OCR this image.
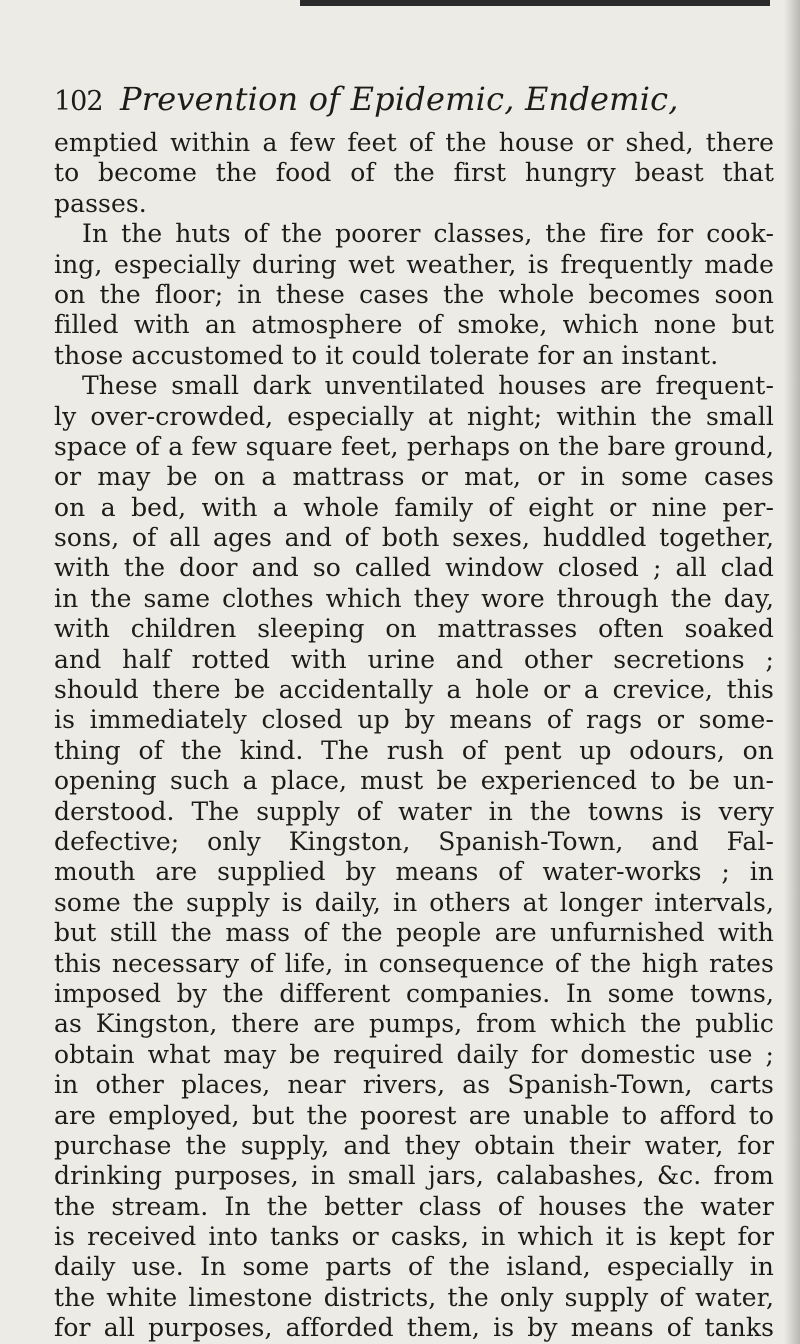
102 Prevention of Epidemic, Endemic,
emptied within a few feet of the house or shed, there
to become the food of the first hungry beast that
passes.
In the huts of the poorer classes, the fire for cook-
ing, especially during wet weather, is frequently made
on the floor; in these cases the whole becomes soon
filled with an atmosphere of smoke, which none but
those accustomed to it could tolerate for an instant.
These small dark unventilated houses are frequent-
ly over-crowded, especially at night; within the small
space of a few square feet, perhaps on the bare ground,
or may be on a mattrass or mat, or in some cases
on a bed, with a whole family of eight or nine per-
sons, of all ages and of both sexes, huddled together,
with the door and so called window closed ; all clad
in the same clothes which they wore through the day,
with children sleeping on mattrasses often soaked
and half rotted with urine and other secretions ;
should there be accidentally a hole or a crevice, this
is immediately closed up by means of rags or some-
thing of the kind. The rush of pent up odours, on
opening such a place, must be experienced to be un-
derstood. The supply of water in the towns is very
defective; only Kingston, Spanish-Town, and Fal-
mouth are supplied by means of water-works ; in
some the supply is daily, in others at longer intervals,
but still the mass of the people are unfurnished with
this necessary of life, in consequence of the high rates
imposed by the different companies. In some towns,
as Kingston, there are pumps, from which the public
obtain what may be required daily for domestic use ;
in other places, near rivers, as Spanish-Town, carts
are employed, but the poorest are unable to afford to
purchase the supply, and they obtain their water, for
drinking purposes, in small jars, calabashes, &c. from
the stream. In the better class of houses the water
is received into tanks or casks, in which it is kept for
daily use. In some parts of the island, especially in
the white limestone districts, the only supply of water,
for all purposes, afforded them, is by means of tanks
